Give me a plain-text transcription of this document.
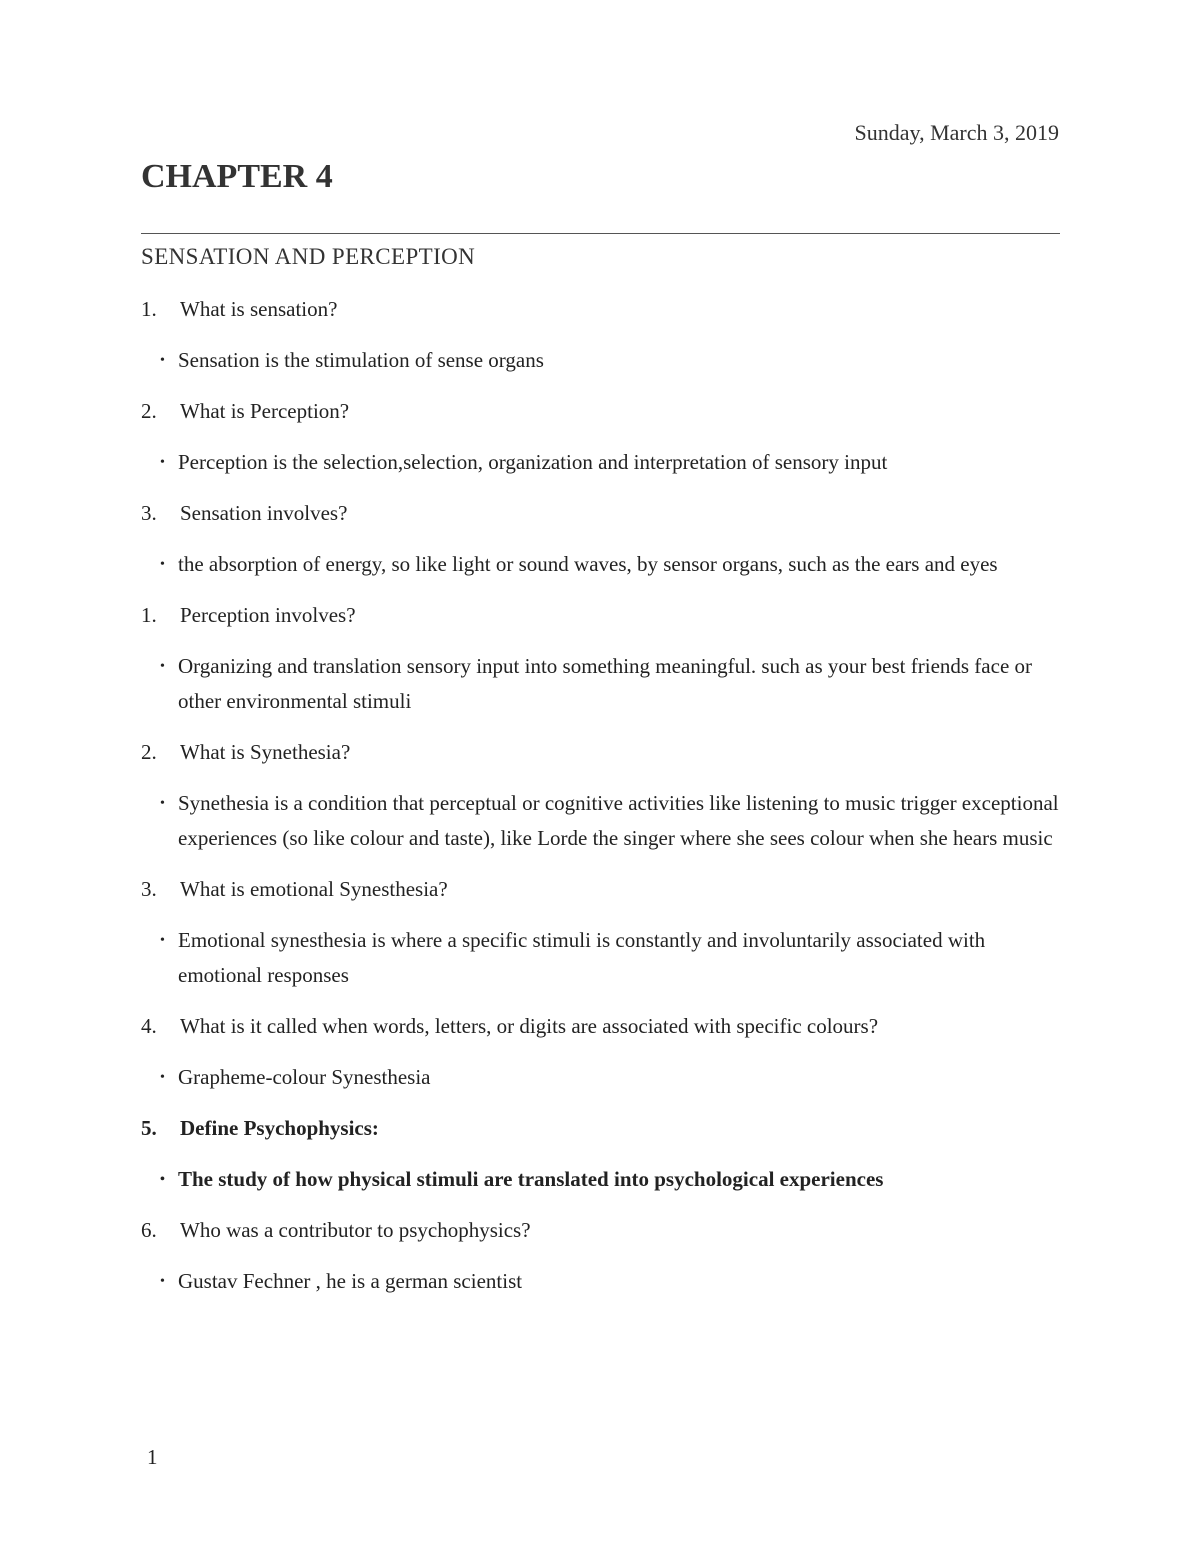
Sunday, March 3, 2019
CHAPTER 4
SENSATION AND PERCEPTION
1.	What is sensation?
• Sensation is the stimulation of sense organs
2.	What is Perception?
• Perception is the selection,selection, organization and interpretation of sensory input
3.	Sensation involves?
• the absorption of energy, so like light or sound waves, by sensor organs, such as the ears and eyes
1.	Perception involves?
• Organizing and translation sensory input into something meaningful. such as your best friends face or other environmental stimuli
2.	What is Synethesia?
• Synethesia is a condition that perceptual or cognitive activities like listening to music trigger exceptional experiences (so like colour and taste), like Lorde the singer where she sees colour when she hears music
3.	What is emotional Synesthesia?
• Emotional synesthesia is where a specific stimuli is constantly and involuntarily associated with emotional responses
4.	What is it called when words, letters, or digits are associated with specific colours?
• Grapheme-colour Synesthesia
5.	Define Psychophysics:
• The study of how physical stimuli are translated into psychological experiences
6.	Who was a contributor to psychophysics?
• Gustav Fechner , he is a german scientist
1
